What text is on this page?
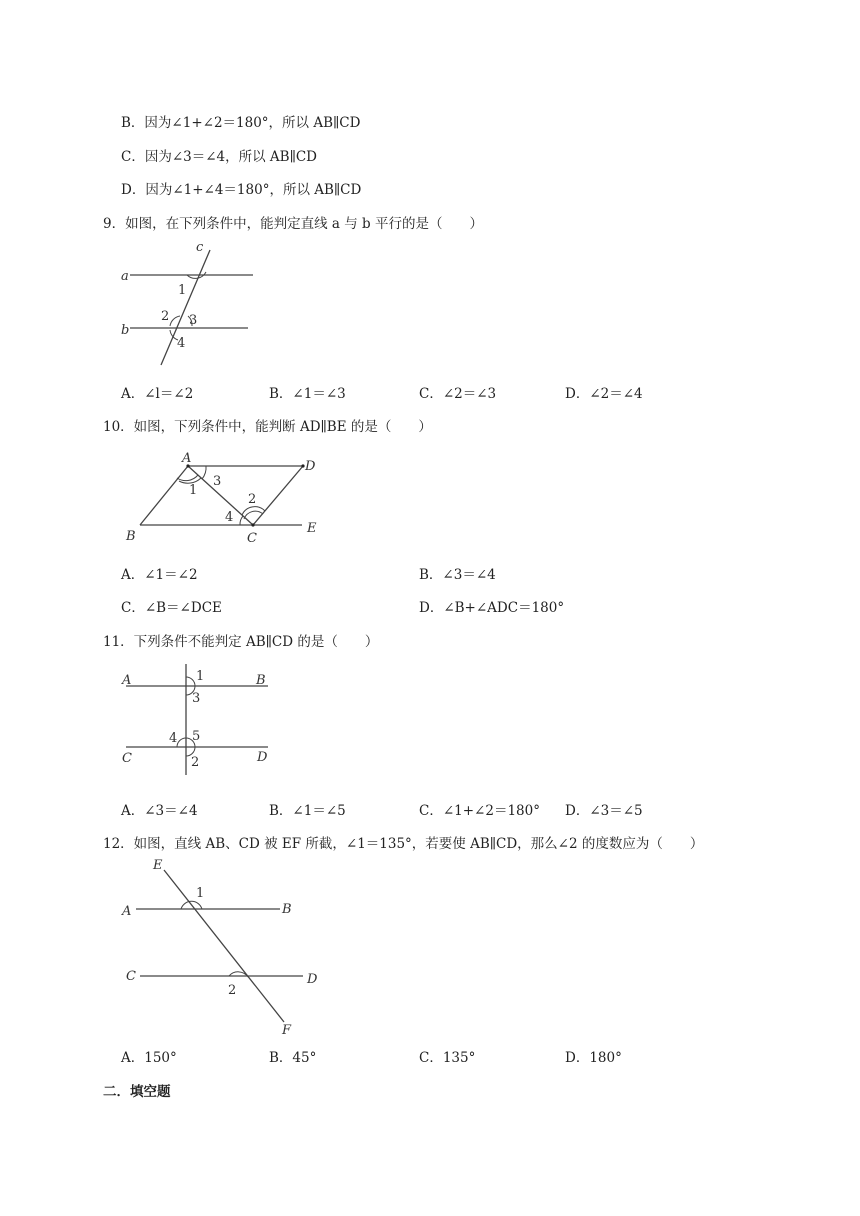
B．因为∠1+∠2＝180°，所以 AB∥CD
C．因为∠3＝∠4，所以 AB∥CD
D．因为∠1+∠4＝180°，所以 AB∥CD
9．如图，在下列条件中，能判定直线 a 与 b 平行的是（　　）
a
b
c
1
2 3
4
A．∠l＝∠2	B．∠1＝∠3	C．∠2＝∠3	D．∠2＝∠4
10．如图，下列条件中，能判断 AD∥BE 的是（　　）
A
D
B	C
E
1
2
3
4
A．∠1＝∠2	B．∠3＝∠4
C．∠B＝∠DCE	D．∠B+∠ADC＝180°
11．下列条件不能判定 AB∥CD 的是（　　）
A	B
C	D
1
3
4 5
2
A．∠3＝∠4	B．∠1＝∠5	C．∠1+∠2＝180° D．∠3＝∠5
12．如图，直线 AB、CD 被 EF 所截，∠1＝135°，若要使 AB∥CD，那么∠2 的度数应为（　　）
E
A	B
C	D
F
1
2
A．150°	B．45°	C．135°	D．180°
二．填空题
